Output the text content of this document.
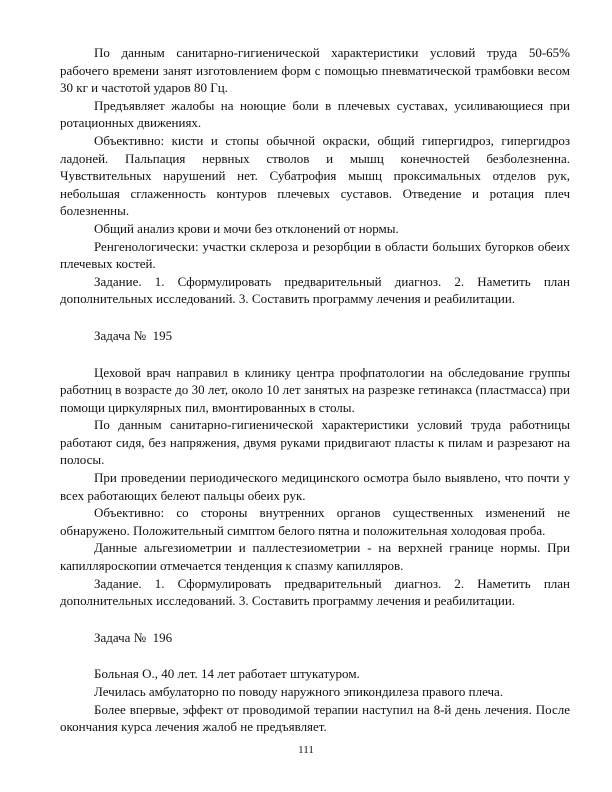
По данным санитарно-гигиенической характеристики условий труда 50-65% рабочего времени занят изготовлением форм с помощью пневматической трамбовки весом 30 кг и частотой ударов 80 Гц.

Предъявляет жалобы на ноющие боли в плечевых суставах, усиливающиеся при ротационных движениях.

Объективно: кисти и стопы обычной окраски, общий гипергидроз, гипергидроз ладоней. Пальпация нервных стволов и мышц конечностей безболезненна. Чувствительных нарушений нет. Субатрофия мышц проксимальных отделов рук, небольшая сглаженность контуров плечевых суставов. Отведение и ротация плеч болезненны.

Общий анализ крови и мочи без отклонений от нормы.

Ренгенологически: участки склероза и резорбции в области больших бугорков обеих плечевых костей.

Задание. 1. Сформулировать предварительный диагноз. 2. Наметить план дополнительных исследований. 3. Составить программу лечения и реабилитации.

Задача №  195

Цеховой врач направил в клинику центра профпатологии на обследование группы работниц в возрасте до 30 лет, около 10 лет занятых на разрезке гетинакса (пластмасса) при помощи циркулярных пил, вмонтированных в столы.

По данным санитарно-гигиенической характеристики условий труда работницы работают сидя, без напряжения, двумя руками придвигают пласты к пилам и разрезают на полосы.

При проведении периодического медицинского осмотра было выявлено, что почти у всех работающих белеют пальцы обеих рук.

Объективно: со стороны внутренних органов существенных изменений не обнаружено. Положительный симптом белого пятна и положительная холодовая проба.

Данные альгезиометрии и паллестезиометрии - на верхней границе нормы. При капилляроскопии отмечается тенденция к спазму капилляров.

Задание. 1. Сформулировать предварительный диагноз. 2. Наметить план дополнительных исследований. 3. Составить программу лечения и реабилитации.

Задача №  196

Больная О., 40 лет. 14 лет работает штукатуром.

Лечилась амбулаторно по поводу наружного эпикондилеза правого плеча.

Более впервые, эффект от проводимой терапии наступил на 8-й день лечения. После окончания курса лечения жалоб не предъявляет.

111
